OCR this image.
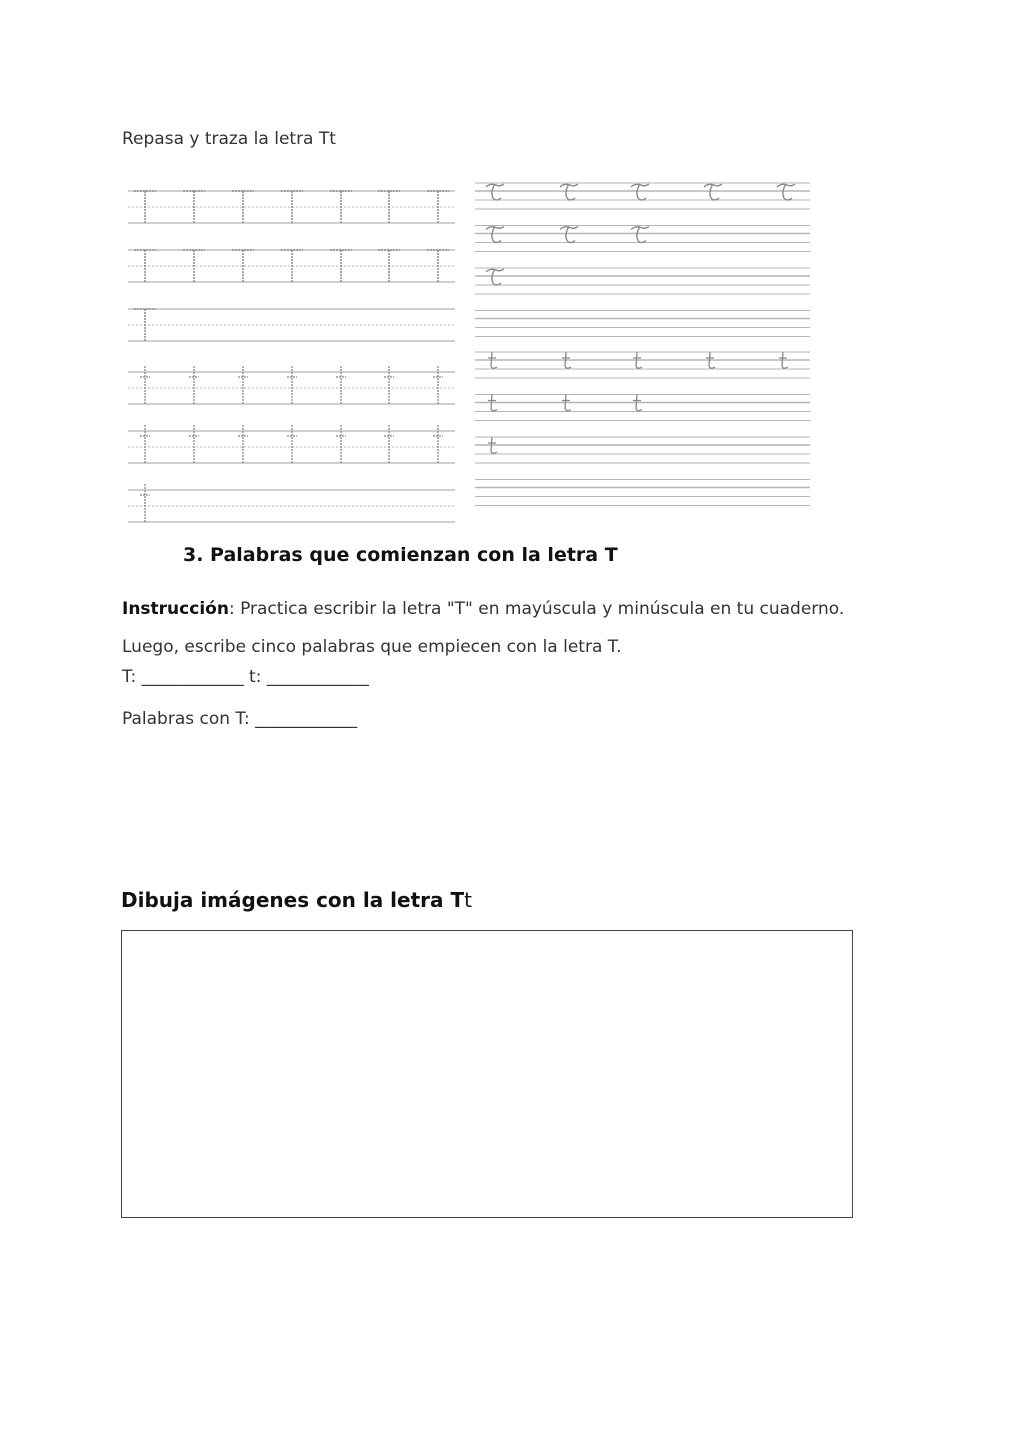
Repasa y traza la letra Tt
3. Palabras que comienzan con la letra T
Instrucción: Practica escribir la letra "T" en mayúscula y minúscula en tu cuaderno. Luego, escribe cinco palabras que empiecen con la letra T.
T: ____________ t: ____________
Palabras con T: ____________
Dibuja imágenes con la letra Tt
